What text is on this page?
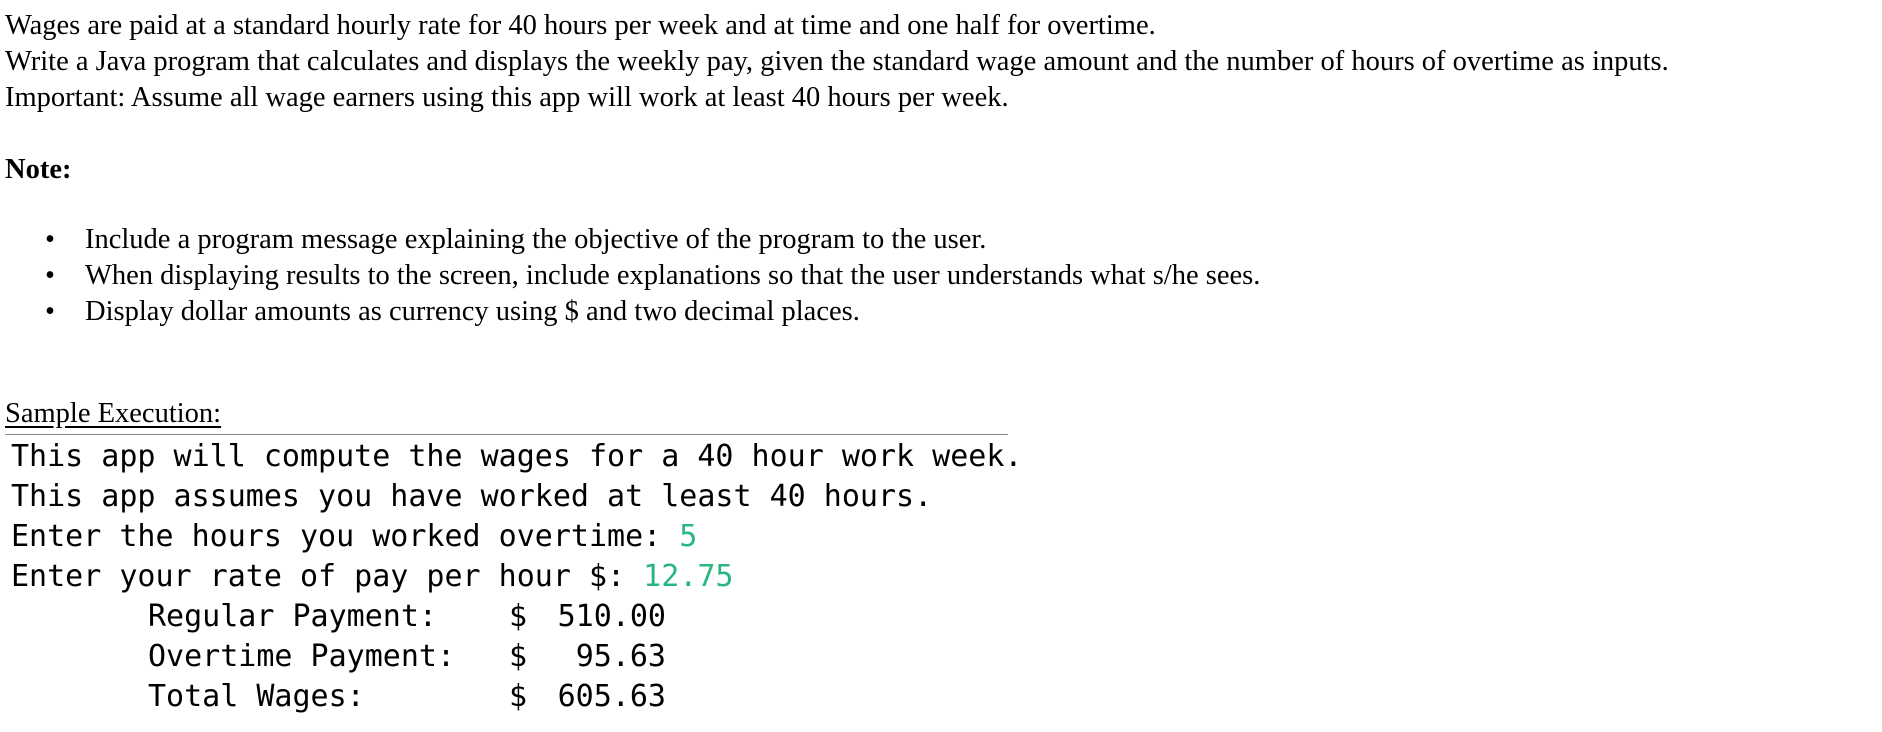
Wages are paid at a standard hourly rate for 40 hours per week and at time and one half for overtime.

Write a Java program that calculates and displays the weekly pay, given the standard wage amount and the number of hours of overtime as inputs.

Important: Assume all wage earners using this app will work at least 40 hours per week.

Note:
• Include a program message explaining the objective of the program to the user.
• When displaying results to the screen, include explanations so that the user understands what s/he sees.
• Display dollar amounts as currency using $ and two decimal places.
Sample Execution:
This app will compute the wages for a 40 hour work week.
This app assumes you have worked at least 40 hours.
Enter the hours you worked overtime: 5
Enter your rate of pay per hour $: 12.75
Regular Payment:	$	510.00
Overtime Payment:	$	95.63
Total Wages:	$	605.63
